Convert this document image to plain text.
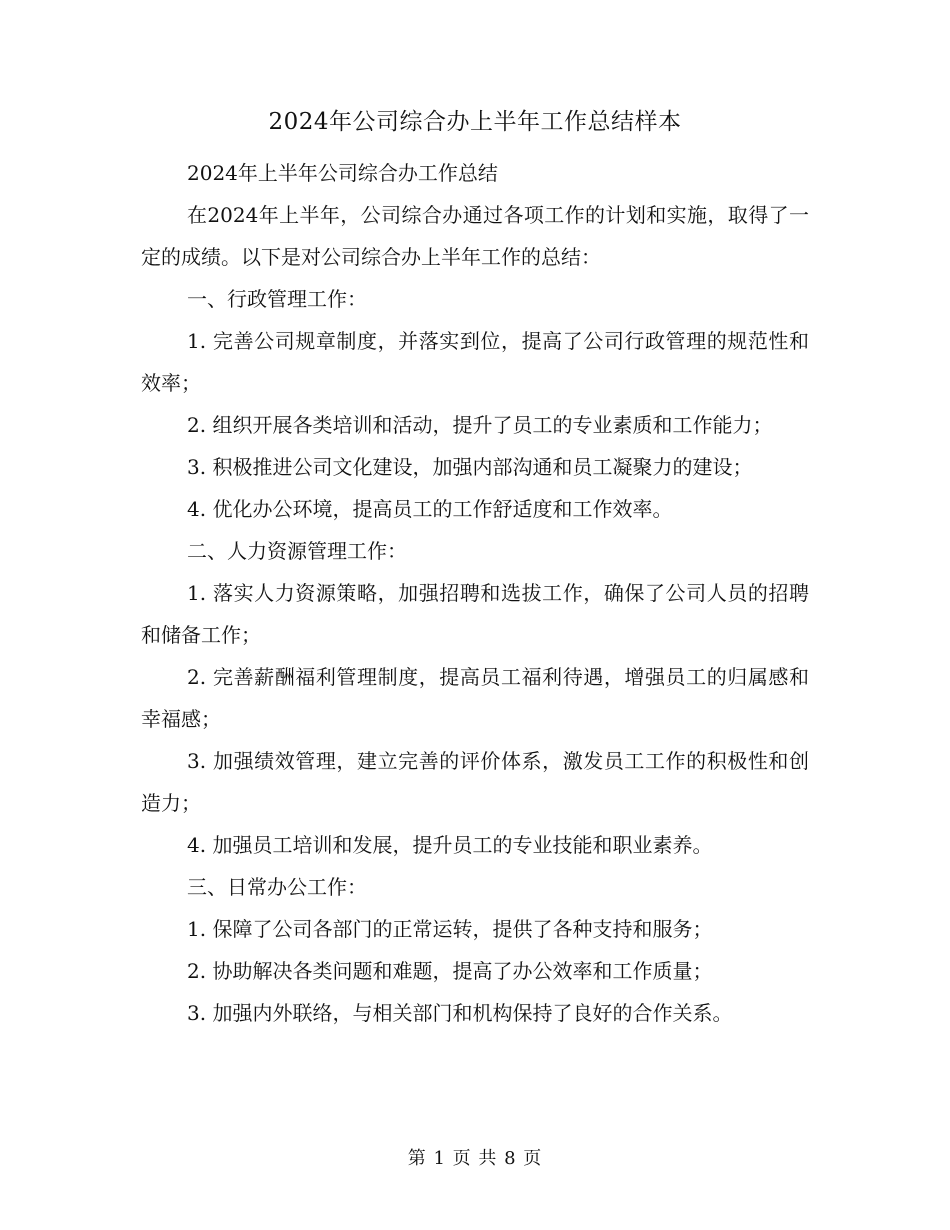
2024年公司综合办上半年工作总结样本

2024年上半年公司综合办工作总结

在2024年上半年，公司综合办通过各项工作的计划和实施，取得了一定的成绩。以下是对公司综合办上半年工作的总结：

一、行政管理工作：

1. 完善公司规章制度，并落实到位，提高了公司行政管理的规范性和效率；

2. 组织开展各类培训和活动，提升了员工的专业素质和工作能力；

3. 积极推进公司文化建设，加强内部沟通和员工凝聚力的建设；

4. 优化办公环境，提高员工的工作舒适度和工作效率。

二、人力资源管理工作：

1. 落实人力资源策略，加强招聘和选拔工作，确保了公司人员的招聘和储备工作；

2. 完善薪酬福利管理制度，提高员工福利待遇，增强员工的归属感和幸福感；

3. 加强绩效管理，建立完善的评价体系，激发员工工作的积极性和创造力；

4. 加强员工培训和发展，提升员工的专业技能和职业素养。

三、日常办公工作：

1. 保障了公司各部门的正常运转，提供了各种支持和服务；

2. 协助解决各类问题和难题，提高了办公效率和工作质量；

3. 加强内外联络，与相关部门和机构保持了良好的合作关系。

第 1 页 共 8 页
